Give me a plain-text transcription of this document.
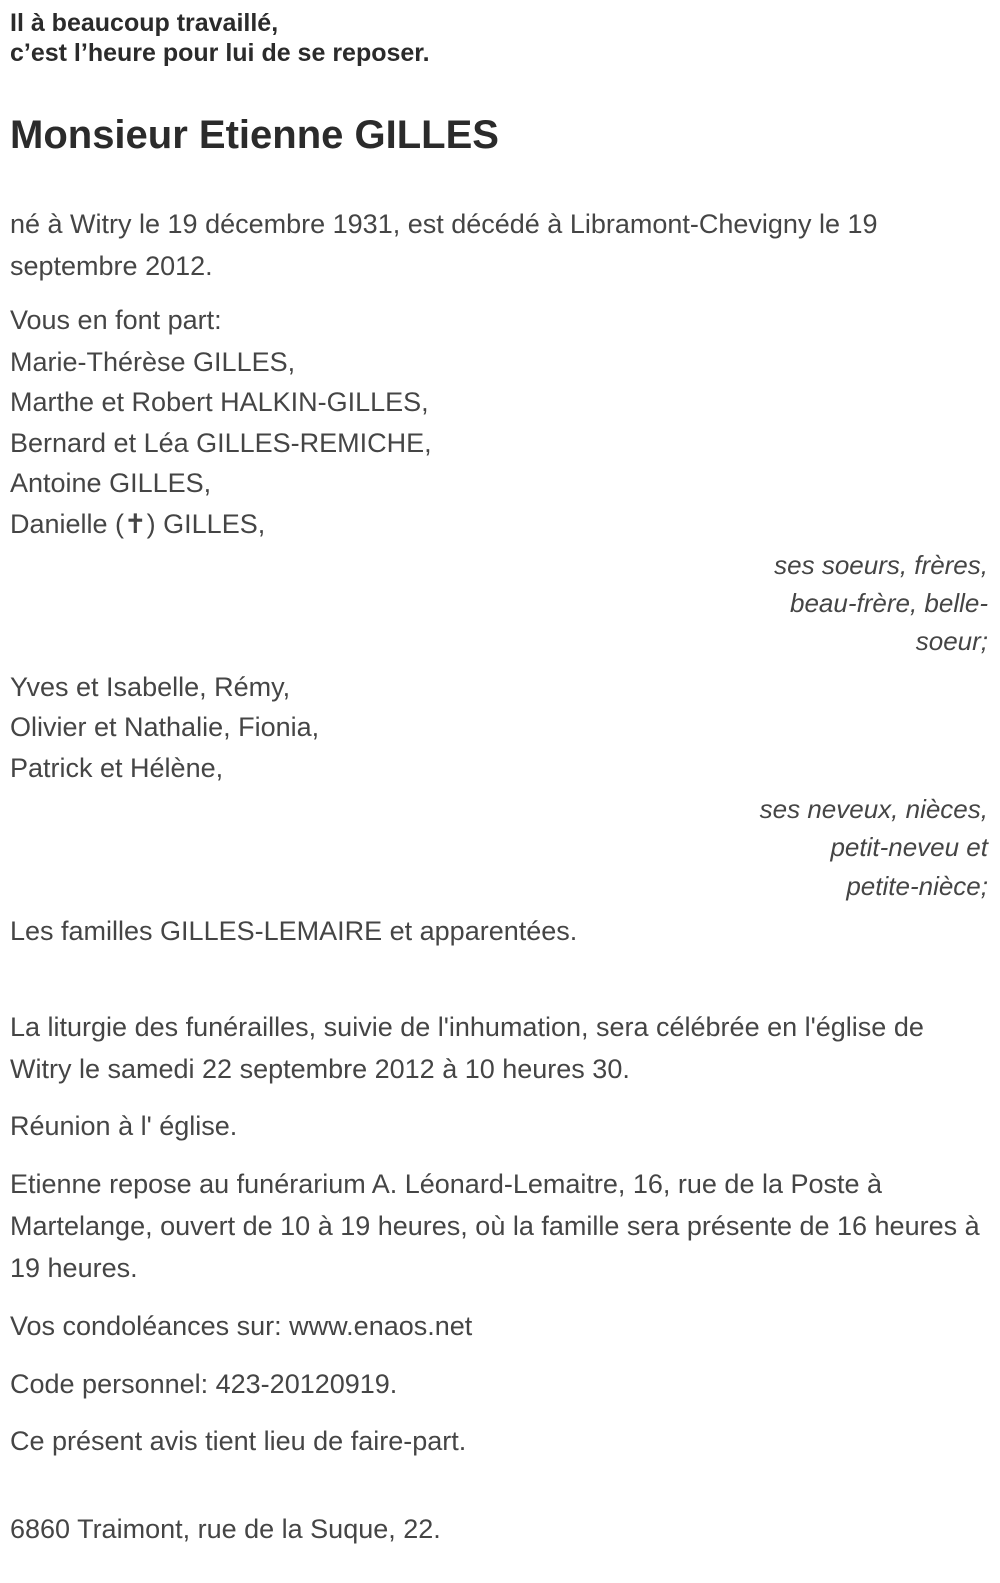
Il à beaucoup travaillé,

c’est l’heure pour lui de se reposer.

Monsieur Etienne GILLES

né à Witry le 19 décembre 1931, est décédé à Libramont-Chevigny le 19 septembre 2012.

Vous en font part:

Marie-Thérèse GILLES,
Marthe et Robert HALKIN-GILLES,
Bernard et Léa GILLES-REMICHE,
Antoine GILLES,
Danielle (✝) GILLES,
ses soeurs, frères,
beau-frère, belle-
soeur;
Yves et Isabelle, Rémy,
Olivier et Nathalie, Fionia,
Patrick et Hélène,
ses neveux, nièces,
petit-neveu et
petite-nièce;

Les familles GILLES-LEMAIRE et apparentées.

La liturgie des funérailles, suivie de l'inhumation, sera célébrée en l'église de Witry le samedi 22 septembre 2012 à 10 heures 30.

Réunion à l' église.

Etienne repose au funérarium A. Léonard-Lemaitre, 16, rue de la Poste à Martelange, ouvert de 10 à 19 heures, où la famille sera présente de 16 heures à 19 heures.

Vos condoléances sur: www.enaos.net

Code personnel: 423-20120919.

Ce présent avis tient lieu de faire-part.

6860 Traimont, rue de la Suque, 22.
